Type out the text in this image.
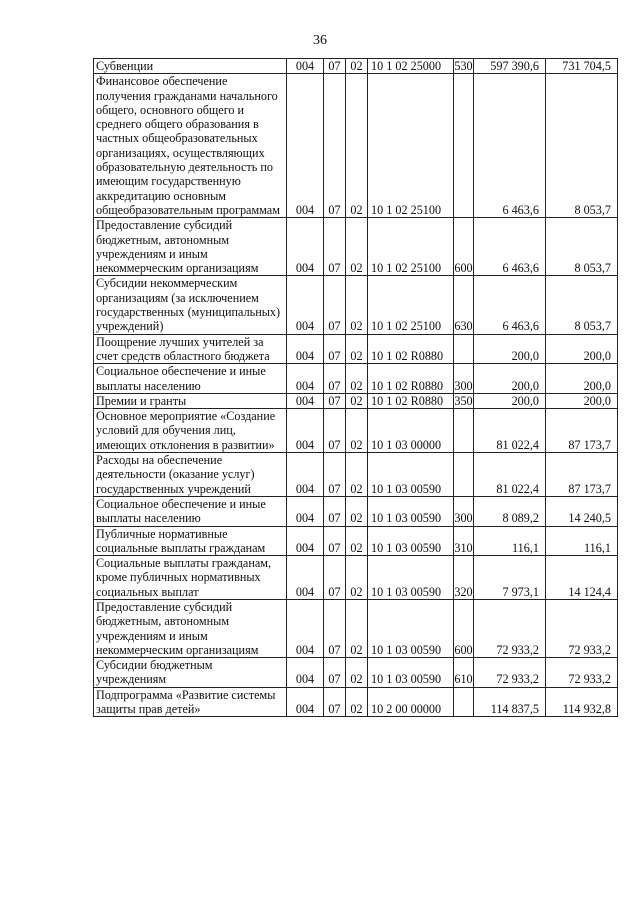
36
Субвенции	004	07	02	10 1 02 25000	530	597 390,6	731 704,5
Финансовое обеспечение получения гражданами начального общего, основного общего и среднего общего образования в частных общеобразовательных организациях, осуществляющих образовательную деятельность по имеющим государственную аккредитацию основным общеобразовательным программам	004	07	02	10 1 02 25100		6 463,6	8 053,7
Предоставление субсидий бюджетным, автономным учреждениям и иным некоммерческим организациям	004	07	02	10 1 02 25100	600	6 463,6	8 053,7
Субсидии некоммерческим организациям (за исключением государственных (муниципальных) учреждений)	004	07	02	10 1 02 25100	630	6 463,6	8 053,7
Поощрение лучших учителей за счет средств областного бюджета	004	07	02	10 1 02 R0880		200,0	200,0
Социальное обеспечение и иные выплаты населению	004	07	02	10 1 02 R0880	300	200,0	200,0
Премии и гранты	004	07	02	10 1 02 R0880	350	200,0	200,0
Основное мероприятие «Создание условий для обучения лиц, имеющих отклонения в развитии»	004	07	02	10 1 03 00000		81 022,4	87 173,7
Расходы на обеспечение деятельности (оказание услуг) государственных учреждений	004	07	02	10 1 03 00590		81 022,4	87 173,7
Социальное обеспечение и иные выплаты населению	004	07	02	10 1 03 00590	300	8 089,2	14 240,5
Публичные нормативные социальные выплаты гражданам	004	07	02	10 1 03 00590	310	116,1	116,1
Социальные выплаты гражданам, кроме публичных нормативных социальных выплат	004	07	02	10 1 03 00590	320	7 973,1	14 124,4
Предоставление субсидий бюджетным, автономным учреждениям и иным некоммерческим организациям	004	07	02	10 1 03 00590	600	72 933,2	72 933,2
Субсидии бюджетным учреждениям	004	07	02	10 1 03 00590	610	72 933,2	72 933,2
Подпрограмма «Развитие системы защиты прав детей»	004	07	02	10 2 00 00000		114 837,5	114 932,8
